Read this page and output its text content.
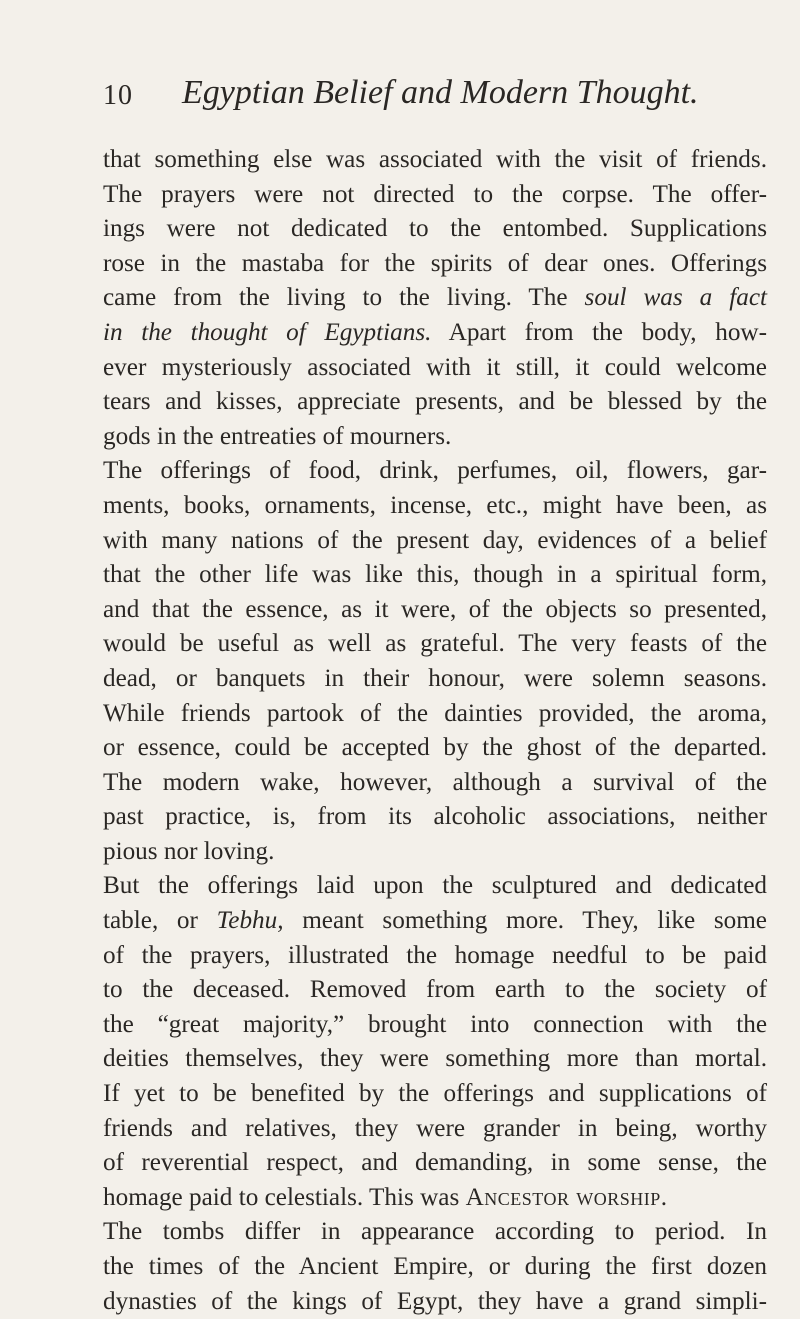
10 Egyptian Belief and Modern Thought.
that something else was associated with the visit of friends.
The prayers were not directed to the corpse. The offer-
ings were not dedicated to the entombed. Supplications
rose in the mastaba for the spirits of dear ones. Offerings
came from the living to the living. The soul was a fact
in the thought of Egyptians. Apart from the body, how-
ever mysteriously associated with it still, it could welcome
tears and kisses, appreciate presents, and be blessed by the
gods in the entreaties of mourners.
The offerings of food, drink, perfumes, oil, flowers, gar-
ments, books, ornaments, incense, etc., might have been, as
with many nations of the present day, evidences of a belief
that the other life was like this, though in a spiritual form,
and that the essence, as it were, of the objects so presented,
would be useful as well as grateful. The very feasts of the
dead, or banquets in their honour, were solemn seasons.
While friends partook of the dainties provided, the aroma,
or essence, could be accepted by the ghost of the departed.
The modern wake, however, although a survival of the
past practice, is, from its alcoholic associations, neither
pious nor loving.
But the offerings laid upon the sculptured and dedicated
table, or Tebhu, meant something more. They, like some
of the prayers, illustrated the homage needful to be paid
to the deceased. Removed from earth to the society of
the “great majority,” brought into connection with the
deities themselves, they were something more than mortal.
If yet to be benefited by the offerings and supplications of
friends and relatives, they were grander in being, worthy
of reverential respect, and demanding, in some sense, the
homage paid to celestials. This was Ancestor worship.
The tombs differ in appearance according to period. In
the times of the Ancient Empire, or during the first dozen
dynasties of the kings of Egypt, they have a grand simpli-
